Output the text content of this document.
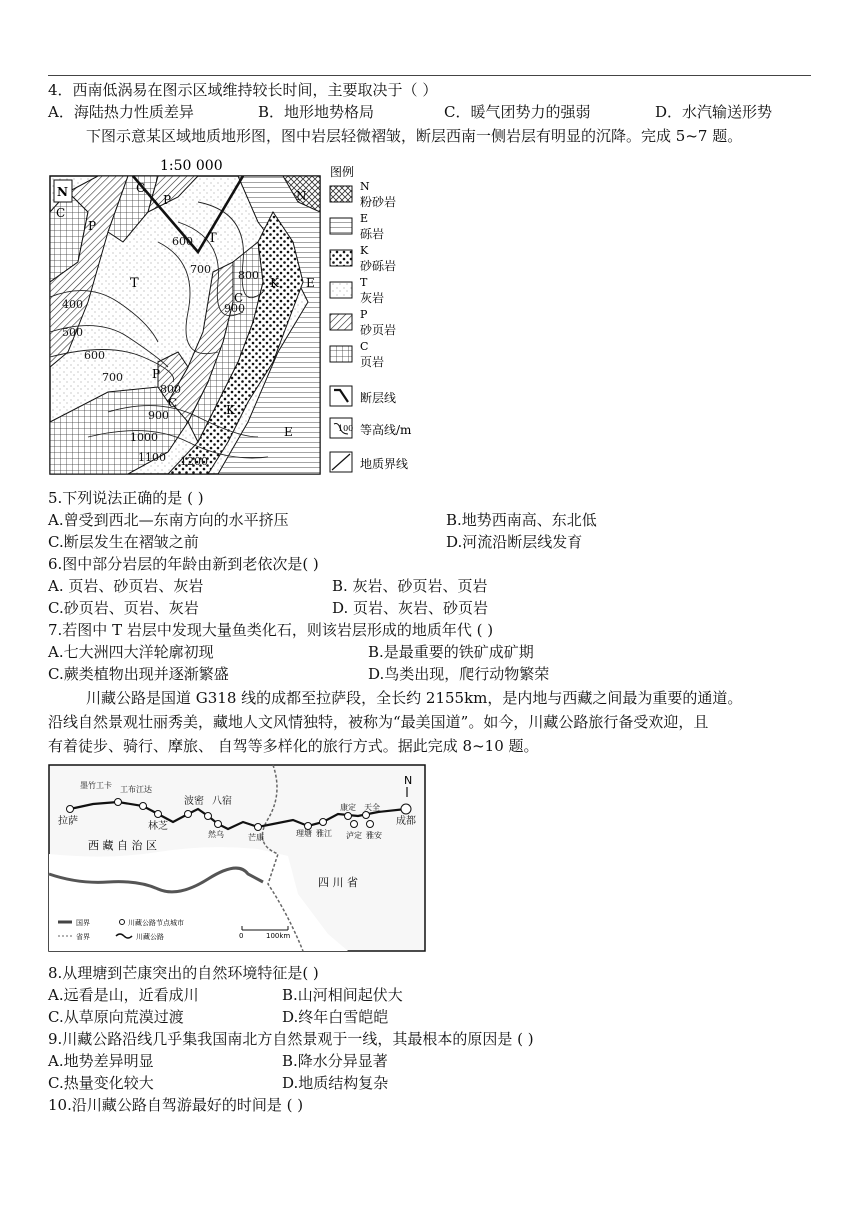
4．西南低涡易在图示区域维持较长时间，主要取决于（ ）
A．海陆热力性质差异	B．地形地势格局	C．暖气团势力的强弱	D．水汽输送形势
下图示意某区域地质地形图，图中岩层轻微褶皱，断层西南一侧岩层有明显的沉降。完成 5~7 题。
1:50 000
N
C
C
C
C
P
P
P
T
T	K
K
E
E
N
400
500
600
600
700
700
800
800
900
900
1000
1100 1200
图例
N
粉砂岩
E
砾岩
K
砂砾岩
T
灰岩
P
砂页岩
C
页岩
断层线
100 等高线/m
地质界线
5.下列说法正确的是 ( )
A.曾受到西北—东南方向的水平挤压	B.地势西南高、东北低
C.断层发生在褶皱之前	D.河流沿断层线发育
6.图中部分岩层的年龄由新到老依次是( )
A. 页岩、砂页岩、灰岩	B. 灰岩、砂页岩、页岩
C.砂页岩、页岩、灰岩	D. 页岩、灰岩、砂页岩
7.若图中 T 岩层中发现大量鱼类化石，则该岩层形成的地质年代 ( )
A.七大洲四大洋轮廓初现	B.是最重要的铁矿成矿期
C.蕨类植物出现并逐渐繁盛	D.鸟类出现，爬行动物繁荣
川藏公路是国道 G318 线的成都至拉萨段，全长约 2155km，是内地与西藏之间最为重要的通道。
沿线自然景观壮丽秀美，藏地人文风情独特，被称为“最美国道”。如今，川藏公路旅行备受欢迎，且
有着徒步、骑行、摩旅、 自驾等多样化的旅行方式。据此完成 8~10 题。
N
拉萨
墨竹工卡 工布江达
林芝
波密 八宿
然乌	芒康	理塘 雅江
康定 天全
泸定 雅安
成都
西 藏 自 治 区
四 川 省
国界
省界
川藏公路节点城市
川藏公路	0	100km
8.从理塘到芒康突出的自然环境特征是( )
A.远看是山，近看成川	B.山河相间起伏大
C.从草原向荒漠过渡	D.终年白雪皑皑
9.川藏公路沿线几乎集我国南北方自然景观于一线，其最根本的原因是 ( )
A.地势差异明显	B.降水分异显著
C.热量变化较大	D.地质结构复杂
10.沿川藏公路自驾游最好的时间是 ( )
